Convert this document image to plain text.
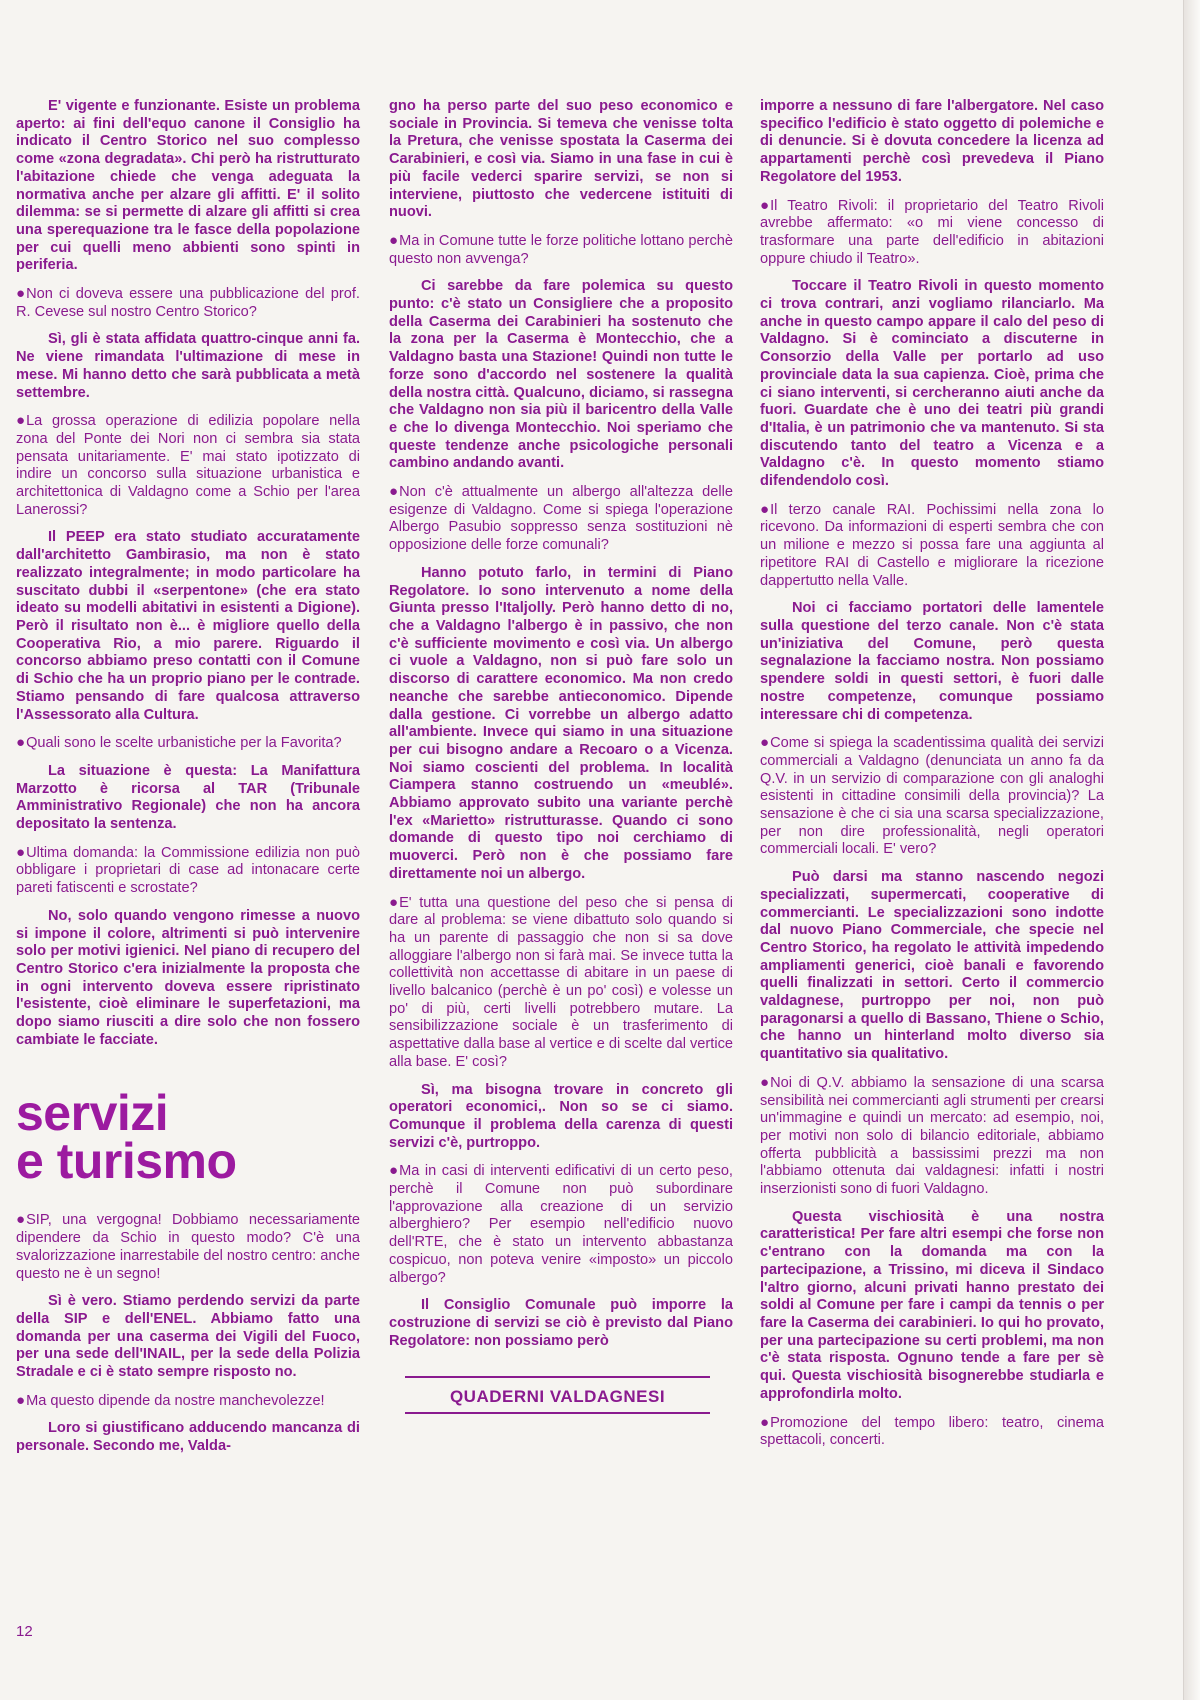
E' vigente e funzionante. Esiste un problema aperto: ai fini dell'equo canone il Consiglio ha indicato il Centro Storico nel suo complesso come «zona degradata». Chi però ha ristrutturato l'abitazione chiede che venga adeguata la normativa anche per alzare gli affitti. E' il solito dilemma: se si permette di alzare gli affitti si crea una sperequazione tra le fasce della popolazione per cui quelli meno abbienti sono spinti in periferia.

●Non ci doveva essere una pubblicazione del prof. R. Cevese sul nostro Centro Storico?

Sì, gli è stata affidata quattro-cinque anni fa. Ne viene rimandata l'ultimazione di mese in mese. Mi hanno detto che sarà pubblicata a metà settembre.

●La grossa operazione di edilizia popolare nella zona del Ponte dei Nori non ci sembra sia stata pensata unitariamente. E' mai stato ipotizzato di indire un concorso sulla situazione urbanistica e architettonica di Valdagno come a Schio per l'area Lanerossi?

Il PEEP era stato studiato accuratamente dall'architetto Gambirasio, ma non è stato realizzato integralmente; in modo particolare ha suscitato dubbi il «serpentone» (che era stato ideato su modelli abitativi in esistenti a Digione). Però il risultato non è... è migliore quello della Cooperativa Rio, a mio parere. Riguardo il concorso abbiamo preso contatti con il Comune di Schio che ha un proprio piano per le contrade. Stiamo pensando di fare qualcosa attraverso l'Assessorato alla Cultura.

●Quali sono le scelte urbanistiche per la Favorita?

La situazione è questa: La Manifattura Marzotto è ricorsa al TAR (Tribunale Amministrativo Regionale) che non ha ancora depositato la sentenza.

●Ultima domanda: la Commissione edilizia non può obbligare i proprietari di case ad intonacare certe pareti fatiscenti e scrostate?

No, solo quando vengono rimesse a nuovo si impone il colore, altrimenti si può intervenire solo per motivi igienici. Nel piano di recupero del Centro Storico c'era inizialmente la proposta che in ogni intervento doveva essere ripristinato l'esistente, cioè eliminare le superfetazioni, ma dopo siamo riusciti a dire solo che non fossero cambiate le facciate.

servizi
e turismo

●SIP, una vergogna! Dobbiamo necessariamente dipendere da Schio in questo modo? C'è una svalorizzazione inarrestabile del nostro centro: anche questo ne è un segno!

Sì è vero. Stiamo perdendo servizi da parte della SIP e dell'ENEL. Abbiamo fatto una domanda per una caserma dei Vigili del Fuoco, per una sede dell'INAIL, per la sede della Polizia Stradale e ci è stato sempre risposto no.

●Ma questo dipende da nostre manchevolezze!

Loro si giustificano adducendo mancanza di personale. Secondo me, Valda-

gno ha perso parte del suo peso economico e sociale in Provincia. Si temeva che venisse tolta la Pretura, che venisse spostata la Caserma dei Carabinieri, e così via. Siamo in una fase in cui è più facile vederci sparire servizi, se non si interviene, piuttosto che vedercene istituiti di nuovi.

●Ma in Comune tutte le forze politiche lottano perchè questo non avvenga?

Ci sarebbe da fare polemica su questo punto: c'è stato un Consigliere che a proposito della Caserma dei Carabinieri ha sostenuto che la zona per la Caserma è Montecchio, che a Valdagno basta una Stazione! Quindi non tutte le forze sono d'accordo nel sostenere la qualità della nostra città. Qualcuno, diciamo, si rassegna che Valdagno non sia più il baricentro della Valle e che lo divenga Montecchio. Noi speriamo che queste tendenze anche psicologiche personali cambino andando avanti.

●Non c'è attualmente un albergo all'altezza delle esigenze di Valdagno. Come si spiega l'operazione Albergo Pasubio soppresso senza sostituzioni nè opposizione delle forze comunali?

Hanno potuto farlo, in termini di Piano Regolatore. Io sono intervenuto a nome della Giunta presso l'Italjolly. Però hanno detto di no, che a Valdagno l'albergo è in passivo, che non c'è sufficiente movimento e così via. Un albergo ci vuole a Valdagno, non si può fare solo un discorso di carattere economico. Ma non credo neanche che sarebbe antieconomico. Dipende dalla gestione. Ci vorrebbe un albergo adatto all'ambiente. Invece qui siamo in una situazione per cui bisogno andare a Recoaro o a Vicenza. Noi siamo coscienti del problema. In località Ciampera stanno costruendo un «meublé». Abbiamo approvato subito una variante perchè l'ex «Marietto» ristrutturasse. Quando ci sono domande di questo tipo noi cerchiamo di muoverci. Però non è che possiamo fare direttamente noi un albergo.

●E' tutta una questione del peso che si pensa di dare al problema: se viene dibattuto solo quando si ha un parente di passaggio che non si sa dove alloggiare l'albergo non si farà mai. Se invece tutta la collettività non accettasse di abitare in un paese di livello balcanico (perchè è un po' così) e volesse un po' di più, certi livelli potrebbero mutare. La sensibilizzazione sociale è un trasferimento di aspettative dalla base al vertice e di scelte dal vertice alla base. E' così?

Sì, ma bisogna trovare in concreto gli operatori economici,. Non so se ci siamo. Comunque il problema della carenza di questi servizi c'è, purtroppo.

●Ma in casi di interventi edificativi di un certo peso, perchè il Comune non può subordinare l'approvazione alla creazione di un servizio alberghiero? Per esempio nell'edificio nuovo dell'RTE, che è stato un intervento abbastanza cospicuo, non poteva venire «imposto» un piccolo albergo?

Il Consiglio Comunale può imporre la costruzione di servizi se ciò è previsto dal Piano Regolatore: non possiamo però

QUADERNI VALDAGNESI

imporre a nessuno di fare l'albergatore. Nel caso specifico l'edificio è stato oggetto di polemiche e di denuncie. Si è dovuta concedere la licenza ad appartamenti perchè così prevedeva il Piano Regolatore del 1953.

●Il Teatro Rivoli: il proprietario del Teatro Rivoli avrebbe affermato: «o mi viene concesso di trasformare una parte dell'edificio in abitazioni oppure chiudo il Teatro».

Toccare il Teatro Rivoli in questo momento ci trova contrari, anzi vogliamo rilanciarlo. Ma anche in questo campo appare il calo del peso di Valdagno. Si è cominciato a discuterne in Consorzio della Valle per portarlo ad uso provinciale data la sua capienza. Cioè, prima che ci siano interventi, si cercheranno aiuti anche da fuori. Guardate che è uno dei teatri più grandi d'Italia, è un patrimonio che va mantenuto. Si sta discutendo tanto del teatro a Vicenza e a Valdagno c'è. In questo momento stiamo difendendolo così.

●Il terzo canale RAI. Pochissimi nella zona lo ricevono. Da informazioni di esperti sembra che con un milione e mezzo si possa fare una aggiunta al ripetitore RAI di Castello e migliorare la ricezione dappertutto nella Valle.

Noi ci facciamo portatori delle lamentele sulla questione del terzo canale. Non c'è stata un'iniziativa del Comune, però questa segnalazione la facciamo nostra. Non possiamo spendere soldi in questi settori, è fuori dalle nostre competenze, comunque possiamo interessare chi di competenza.

●Come si spiega la scadentissima qualità dei servizi commerciali a Valdagno (denunciata un anno fa da Q.V. in un servizio di comparazione con gli analoghi esistenti in cittadine consimili della provincia)? La sensazione è che ci sia una scarsa specializzazione, per non dire professionalità, negli operatori commerciali locali. E' vero?

Può darsi ma stanno nascendo negozi specializzati, supermercati, cooperative di commercianti. Le specializzazioni sono indotte dal nuovo Piano Commerciale, che specie nel Centro Storico, ha regolato le attività impedendo ampliamenti generici, cioè banali e favorendo quelli finalizzati in settori. Certo il commercio valdagnese, purtroppo per noi, non può paragonarsi a quello di Bassano, Thiene o Schio, che hanno un hinterland molto diverso sia quantitativo sia qualitativo.

●Noi di Q.V. abbiamo la sensazione di una scarsa sensibilità nei commercianti agli strumenti per crearsi un'immagine e quindi un mercato: ad esempio, noi, per motivi non solo di bilancio editoriale, abbiamo offerta pubblicità a bassissimi prezzi ma non l'abbiamo ottenuta dai valdagnesi: infatti i nostri inserzionisti sono di fuori Valdagno.

Questa vischiosità è una nostra caratteristica! Per fare altri esempi che forse non c'entrano con la domanda ma con la partecipazione, a Trissino, mi diceva il Sindaco l'altro giorno, alcuni privati hanno prestato dei soldi al Comune per fare i campi da tennis o per fare la Caserma dei carabinieri. Io qui ho provato, per una partecipazione su certi problemi, ma non c'è stata risposta. Ognuno tende a fare per sè qui. Questa vischiosità bisognerebbe studiarla e approfondirla molto.

●Promozione del tempo libero: teatro, cinema spettacoli, concerti.

12
